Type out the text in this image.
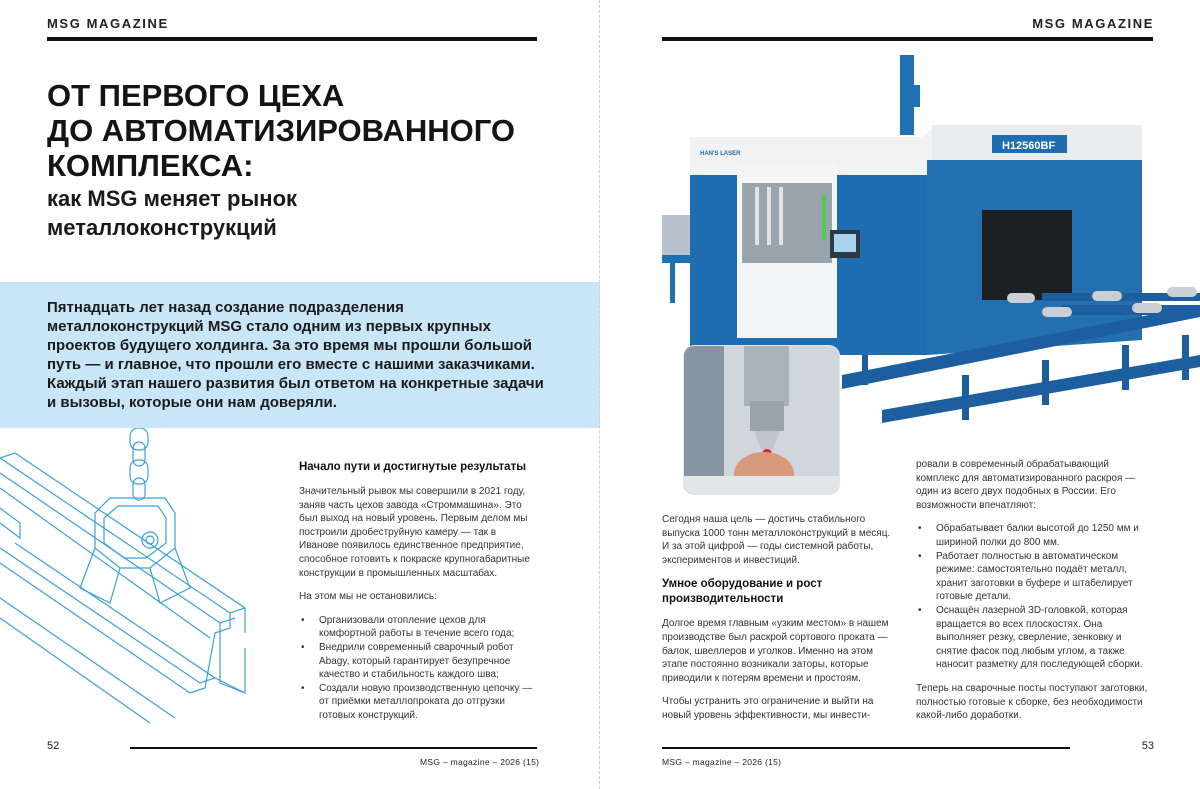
MSG MAGAZINE
ОТ ПЕРВОГО ЦЕХА
ДО АВТОМАТИЗИРОВАННОГО
КОМПЛЕКСА:
как MSG меняет рынок
металлоконструкций
Пятнадцать лет назад создание подразделения металлоконструкций MSG стало одним из первых крупных проектов будущего холдинга. За это время мы прошли большой путь — и главное, что прошли его вместе с нашими заказчиками. Каждый этап нашего развития был ответом на конкретные задачи и вызовы, которые они нам доверяли.
Начало пути и достигнутые результаты

Значительный рывок мы совершили в 2021 году, заняв часть цехов завода «Строммашина». Это был выход на новый уровень. Первым делом мы построили дробеструйную камеру — так в Иванове появилось единственное предприятие, способное готовить к покраске крупногабаритные конструкции в промышленных масштабах.

На этом мы не остановились:

• Организовали отопление цехов для комфортной работы в течение всего года;
• Внедрили современный сварочный робот Abagy, который гарантирует безупречное качество и стабильность каждого шва;
• Создали новую производственную цепочку — от приёмки металлопроката до отгрузки готовых конструкций.
52
MSG – magazine – 2026 (15)
MSG MAGAZINE
H12560BF
HAN'S LASER

Сегодня наша цель — достичь стабильного выпуска 1000 тонн металлоконструкций в месяц. И за этой цифрой — годы системной работы, экспериментов и инвестиций.

Умное оборудование и рост производительности

Долгое время главным «узким местом» в нашем производстве был раскрой сортового проката — балок, швеллеров и уголков. Именно на этом этапе постоянно возникали заторы, которые приводили к потерям времени и простоям.

Чтобы устранить это ограничение и выйти на новый уровень эффективности, мы инвести-

ровали в современный обрабатывающий комплекс для автоматизированного раскроя — один из всего двух подобных в России. Его возможности впечатляют:

• Обрабатывает балки высотой до 1250 мм и шириной полки до 800 мм.
• Работает полностью в автоматическом режиме: самостоятельно подаёт металл, хранит заготовки в буфере и штабелирует готовые детали.
• Оснащён лазерной 3D-головкой, которая вращается во всех плоскостях. Она выполняет резку, сверление, зенковку и снятие фасок под любым углом, а также наносит разметку для последующей сборки.

Теперь на сварочные посты поступают заготовки, полностью готовые к сборке, без необходимости какой-либо доработки.

53
MSG – magazine – 2026 (15)
